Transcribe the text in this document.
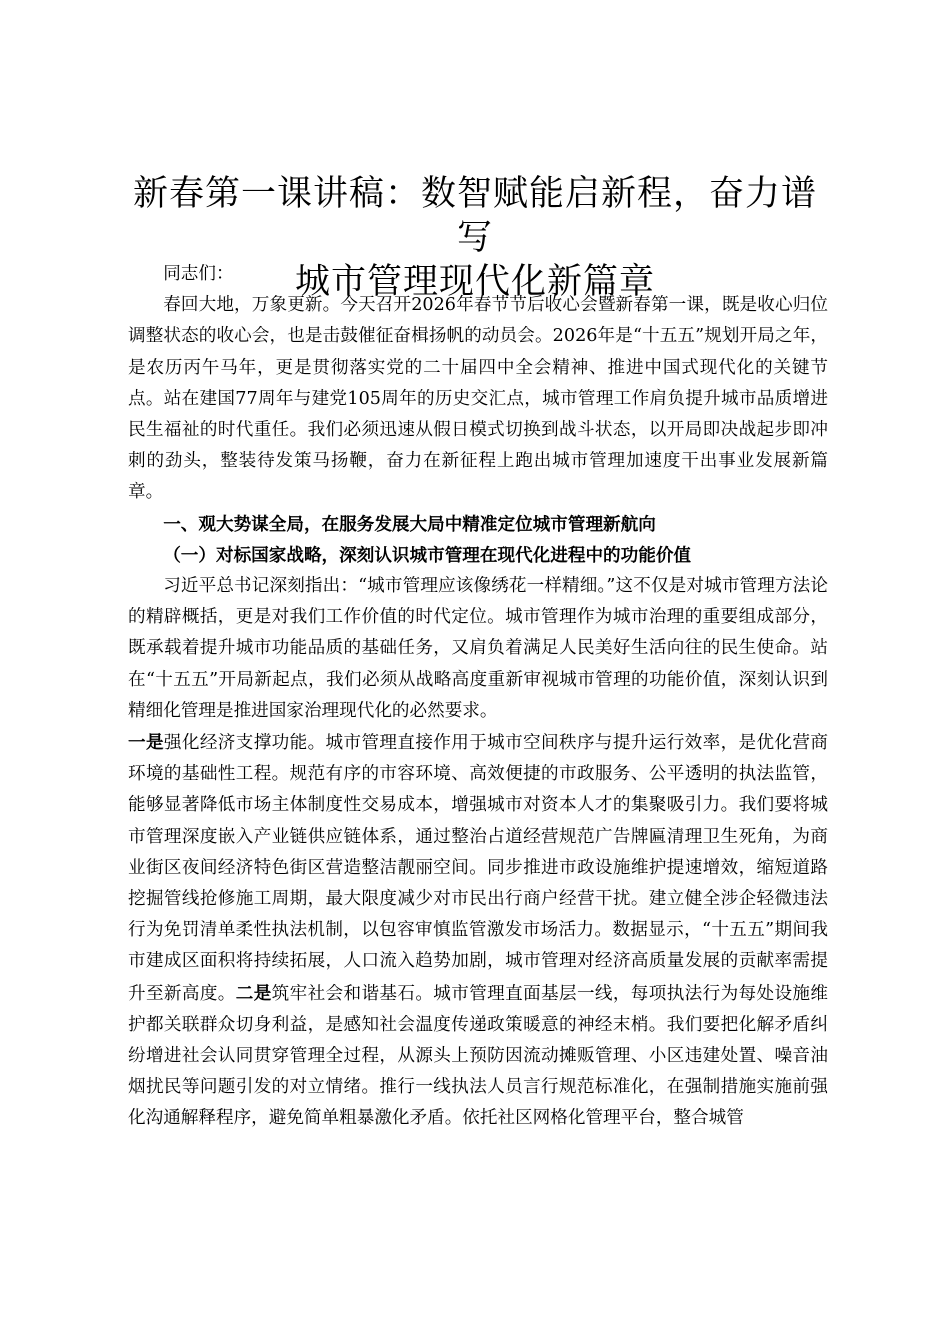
新春第一课讲稿：数智赋能启新程，奋力谱写
城市管理现代化新篇章

同志们：

春回大地，万象更新。今天召开2026年春节节后收心会暨新春第一课，既是收心归位调整状态的收心会，也是击鼓催征奋楫扬帆的动员会。2026年是“十五五”规划开局之年，是农历丙午马年，更是贯彻落实党的二十届四中全会精神、推进中国式现代化的关键节点。站在建国77周年与建党105周年的历史交汇点，城市管理工作肩负提升城市品质增进民生福祉的时代重任。我们必须迅速从假日模式切换到战斗状态，以开局即决战起步即冲刺的劲头，整装待发策马扬鞭，奋力在新征程上跑出城市管理加速度干出事业发展新篇章。

一、观大势谋全局，在服务发展大局中精准定位城市管理新航向

（一）对标国家战略，深刻认识城市管理在现代化进程中的功能价值

习近平总书记深刻指出：“城市管理应该像绣花一样精细。”这不仅是对城市管理方法论的精辟概括，更是对我们工作价值的时代定位。城市管理作为城市治理的重要组成部分，既承载着提升城市功能品质的基础任务，又肩负着满足人民美好生活向往的民生使命。站在“十五五”开局新起点，我们必须从战略高度重新审视城市管理的功能价值，深刻认识到精细化管理是推进国家治理现代化的必然要求。

一是强化经济支撑功能。城市管理直接作用于城市空间秩序与提升运行效率，是优化营商环境的基础性工程。规范有序的市容环境、高效便捷的市政服务、公平透明的执法监管，能够显著降低市场主体制度性交易成本，增强城市对资本人才的集聚吸引力。我们要将城市管理深度嵌入产业链供应链体系，通过整治占道经营规范广告牌匾清理卫生死角，为商业街区夜间经济特色街区营造整洁靓丽空间。同步推进市政设施维护提速增效，缩短道路挖掘管线抢修施工周期，最大限度减少对市民出行商户经营干扰。建立健全涉企轻微违法行为免罚清单柔性执法机制，以包容审慎监管激发市场活力。数据显示，“十五五”期间我市建成区面积将持续拓展，人口流入趋势加剧，城市管理对经济高质量发展的贡献率需提升至新高度。二是筑牢社会和谐基石。城市管理直面基层一线，每项执法行为每处设施维护都关联群众切身利益，是感知社会温度传递政策暖意的神经末梢。我们要把化解矛盾纠纷增进社会认同贯穿管理全过程，从源头上预防因流动摊贩管理、小区违建处置、噪音油烟扰民等问题引发的对立情绪。推行一线执法人员言行规范标准化，在强制措施实施前强化沟通解释程序，避免简单粗暴激化矛盾。依托社区网格化管理平台，整合城管
